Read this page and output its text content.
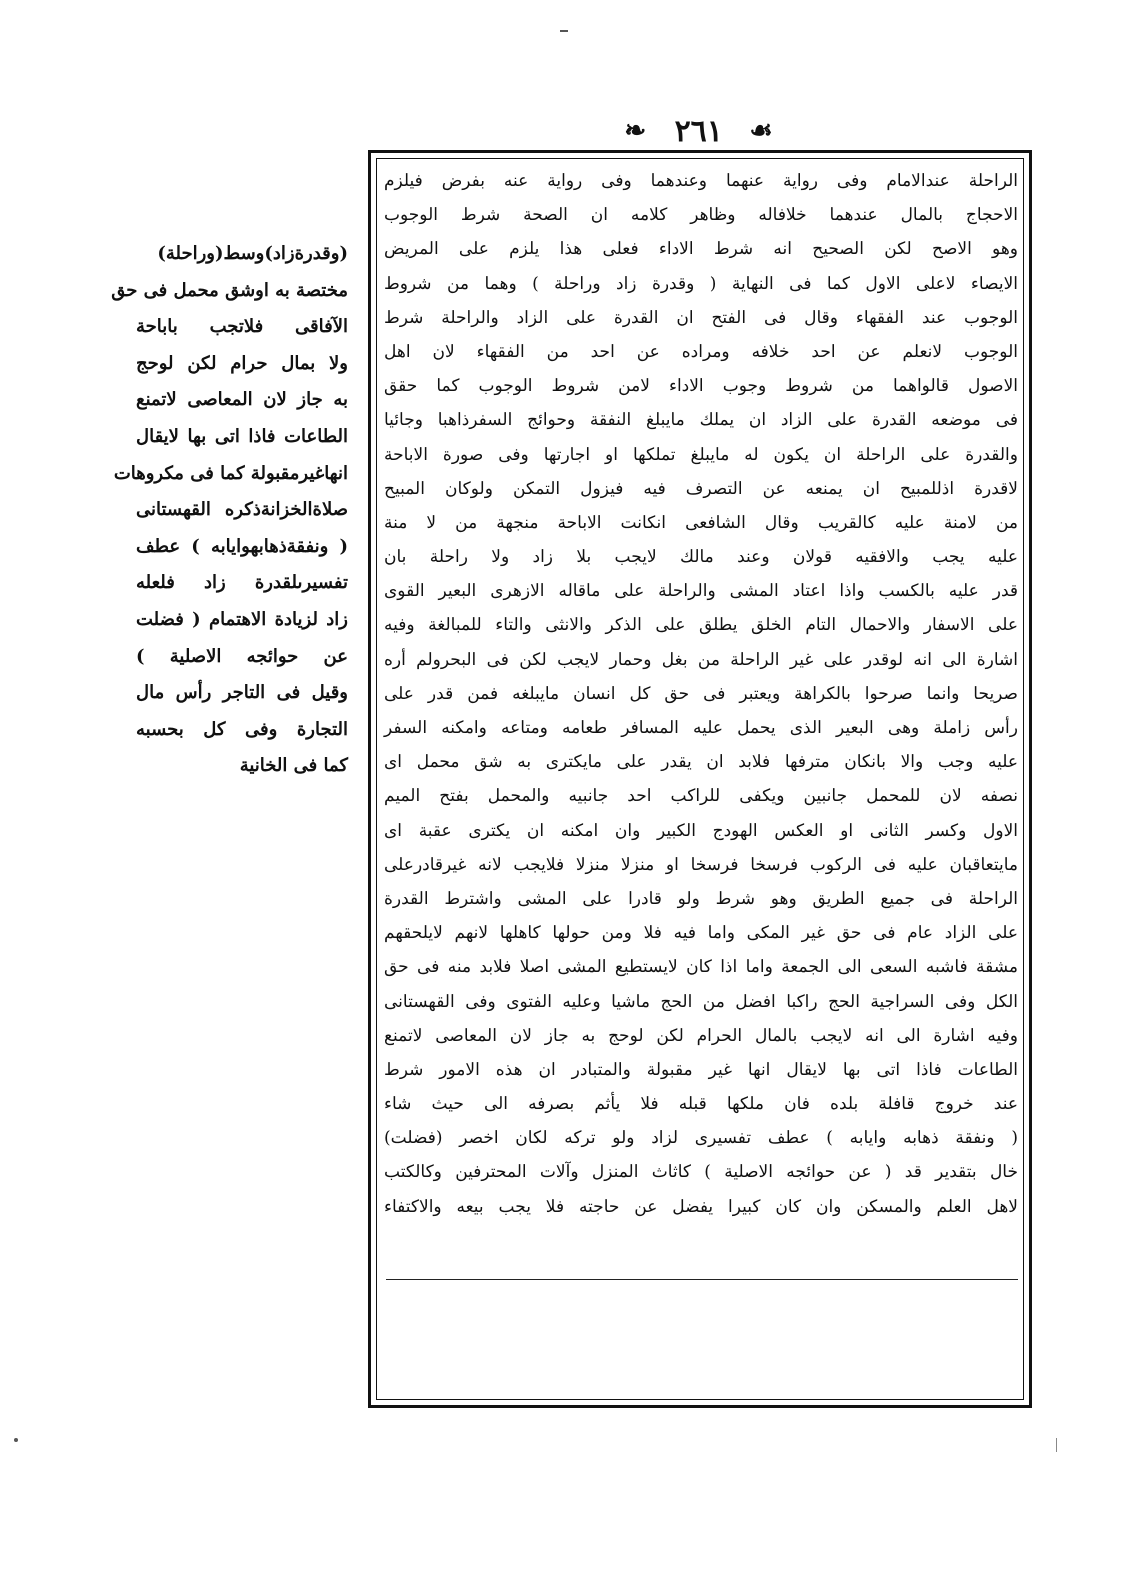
❧ ٢٦١ ☙
الراحلة عندالامام وفى رواية عنهما وعندهما وفى رواية عنه بفرض فيلزم
الاحجاج بالمال عندهما خلافاله وظاهر كلامه ان الصحة شرط الوجوب
وهو الاصح لكن الصحيح انه شرط الاداء فعلى هذا يلزم على المريض
الايصاء لاعلى الاول كما فى النهاية ( وقدرة زاد وراحلة ) وهما من شروط
الوجوب عند الفقهاء وقال فى الفتح ان القدرة على الزاد والراحلة شرط
الوجوب لانعلم عن احد خلافه ومراده عن احد من الفقهاء لان اهل
الاصول قالواهما من شروط وجوب الاداء لامن شروط الوجوب كما حقق
فى موضعه القدرة على الزاد ان يملك مايبلغ النفقة وحوائج السفرذاهبا وجائيا
والقدرة على الراحلة ان يكون له مايبلغ تملكها او اجارتها وفى صورة الاباحة
لاقدرة اذللمبيح ان يمنعه عن التصرف فيه فيزول التمكن ولوكان المبيح
من لامنة عليه كالقريب وقال الشافعى انكانت الاباحة منجهة من لا منة
عليه يجب والافقيه قولان وعند مالك لايجب بلا زاد ولا راحلة بان
قدر عليه بالكسب واذا اعتاد المشى والراحلة على ماقاله الازهرى البعير القوى
على الاسفار والاحمال التام الخلق يطلق على الذكر والانثى والتاء للمبالغة وفيه
اشارة الى انه لوقدر على غير الراحلة من بغل وحمار لايجب لكن فى البحرولم أره
صريحا وانما صرحوا بالكراهة ويعتبر فى حق كل انسان مايبلغه فمن قدر على
رأس زاملة وهى البعير الذى يحمل عليه المسافر طعامه ومتاعه وامكنه السفر
عليه وجب والا بانكان مترفها فلابد ان يقدر على مايكترى به شق محمل اى
نصفه لان للمحمل جانبين ويكفى للراكب احد جانبيه والمحمل بفتح الميم
الاول وكسر الثانى او العكس الهودج الكبير وان امكنه ان يكترى عقبة اى
مايتعاقبان عليه فى الركوب فرسخا فرسخا او منزلا منزلا فلايجب لانه غيرقادرعلى
الراحلة فى جميع الطريق وهو شرط ولو قادرا على المشى واشترط القدرة
على الزاد عام فى حق غير المكى واما فيه فلا ومن حولها كاهلها لانهم لايلحقهم
مشقة فاشبه السعى الى الجمعة واما اذا كان لايستطيع المشى اصلا فلابد منه فى حق
الكل وفى السراجية الحج راكبا افضل من الحج ماشيا وعليه الفتوى وفى القهستانى
وفيه اشارة الى انه لايجب بالمال الحرام لكن لوحج به جاز لان المعاصى لاتمنع
الطاعات فاذا اتى بها لايقال انها غير مقبولة والمتبادر ان هذه الامور شرط
عند خروج قافلة بلده فان ملكها قبله فلا يأثم بصرفه الى حيث شاء
( ونفقة ذهابه وايابه ) عطف تفسيرى لزاد ولو تركه لكان اخصر (فضلت)
خال بتقدير قد ( عن حوائجه الاصلية ) كاثاث المنزل وآلات المحترفين وكالكتب
لاهل العلم والمسكن وان كان كبيرا يفضل عن حاجته فلا يجب بيعه والاكتفاء
(وقدرةزاد)وسط(وراحلة)
مختصة به اوشق محمل فى حق
الآفاقى فلاتجب باباحة
ولا بمال حرام لكن لوحج
به جاز لان المعاصى لاتمنع
الطاعات فاذا اتى بها لايقال
انهاغيرمقبولة كما فى مكروهات
صلاةالخزانةذكره القهستانى
( ونفقةذهابهوايابه ) عطف
تفسيرىلقدرة زاد فلعله
زاد لزيادة الاهتمام ( فضلت
عن حوائجه الاصلية )
وقيل فى التاجر رأس مال
التجارة وفى كل بحسبه
كما فى الخانية
